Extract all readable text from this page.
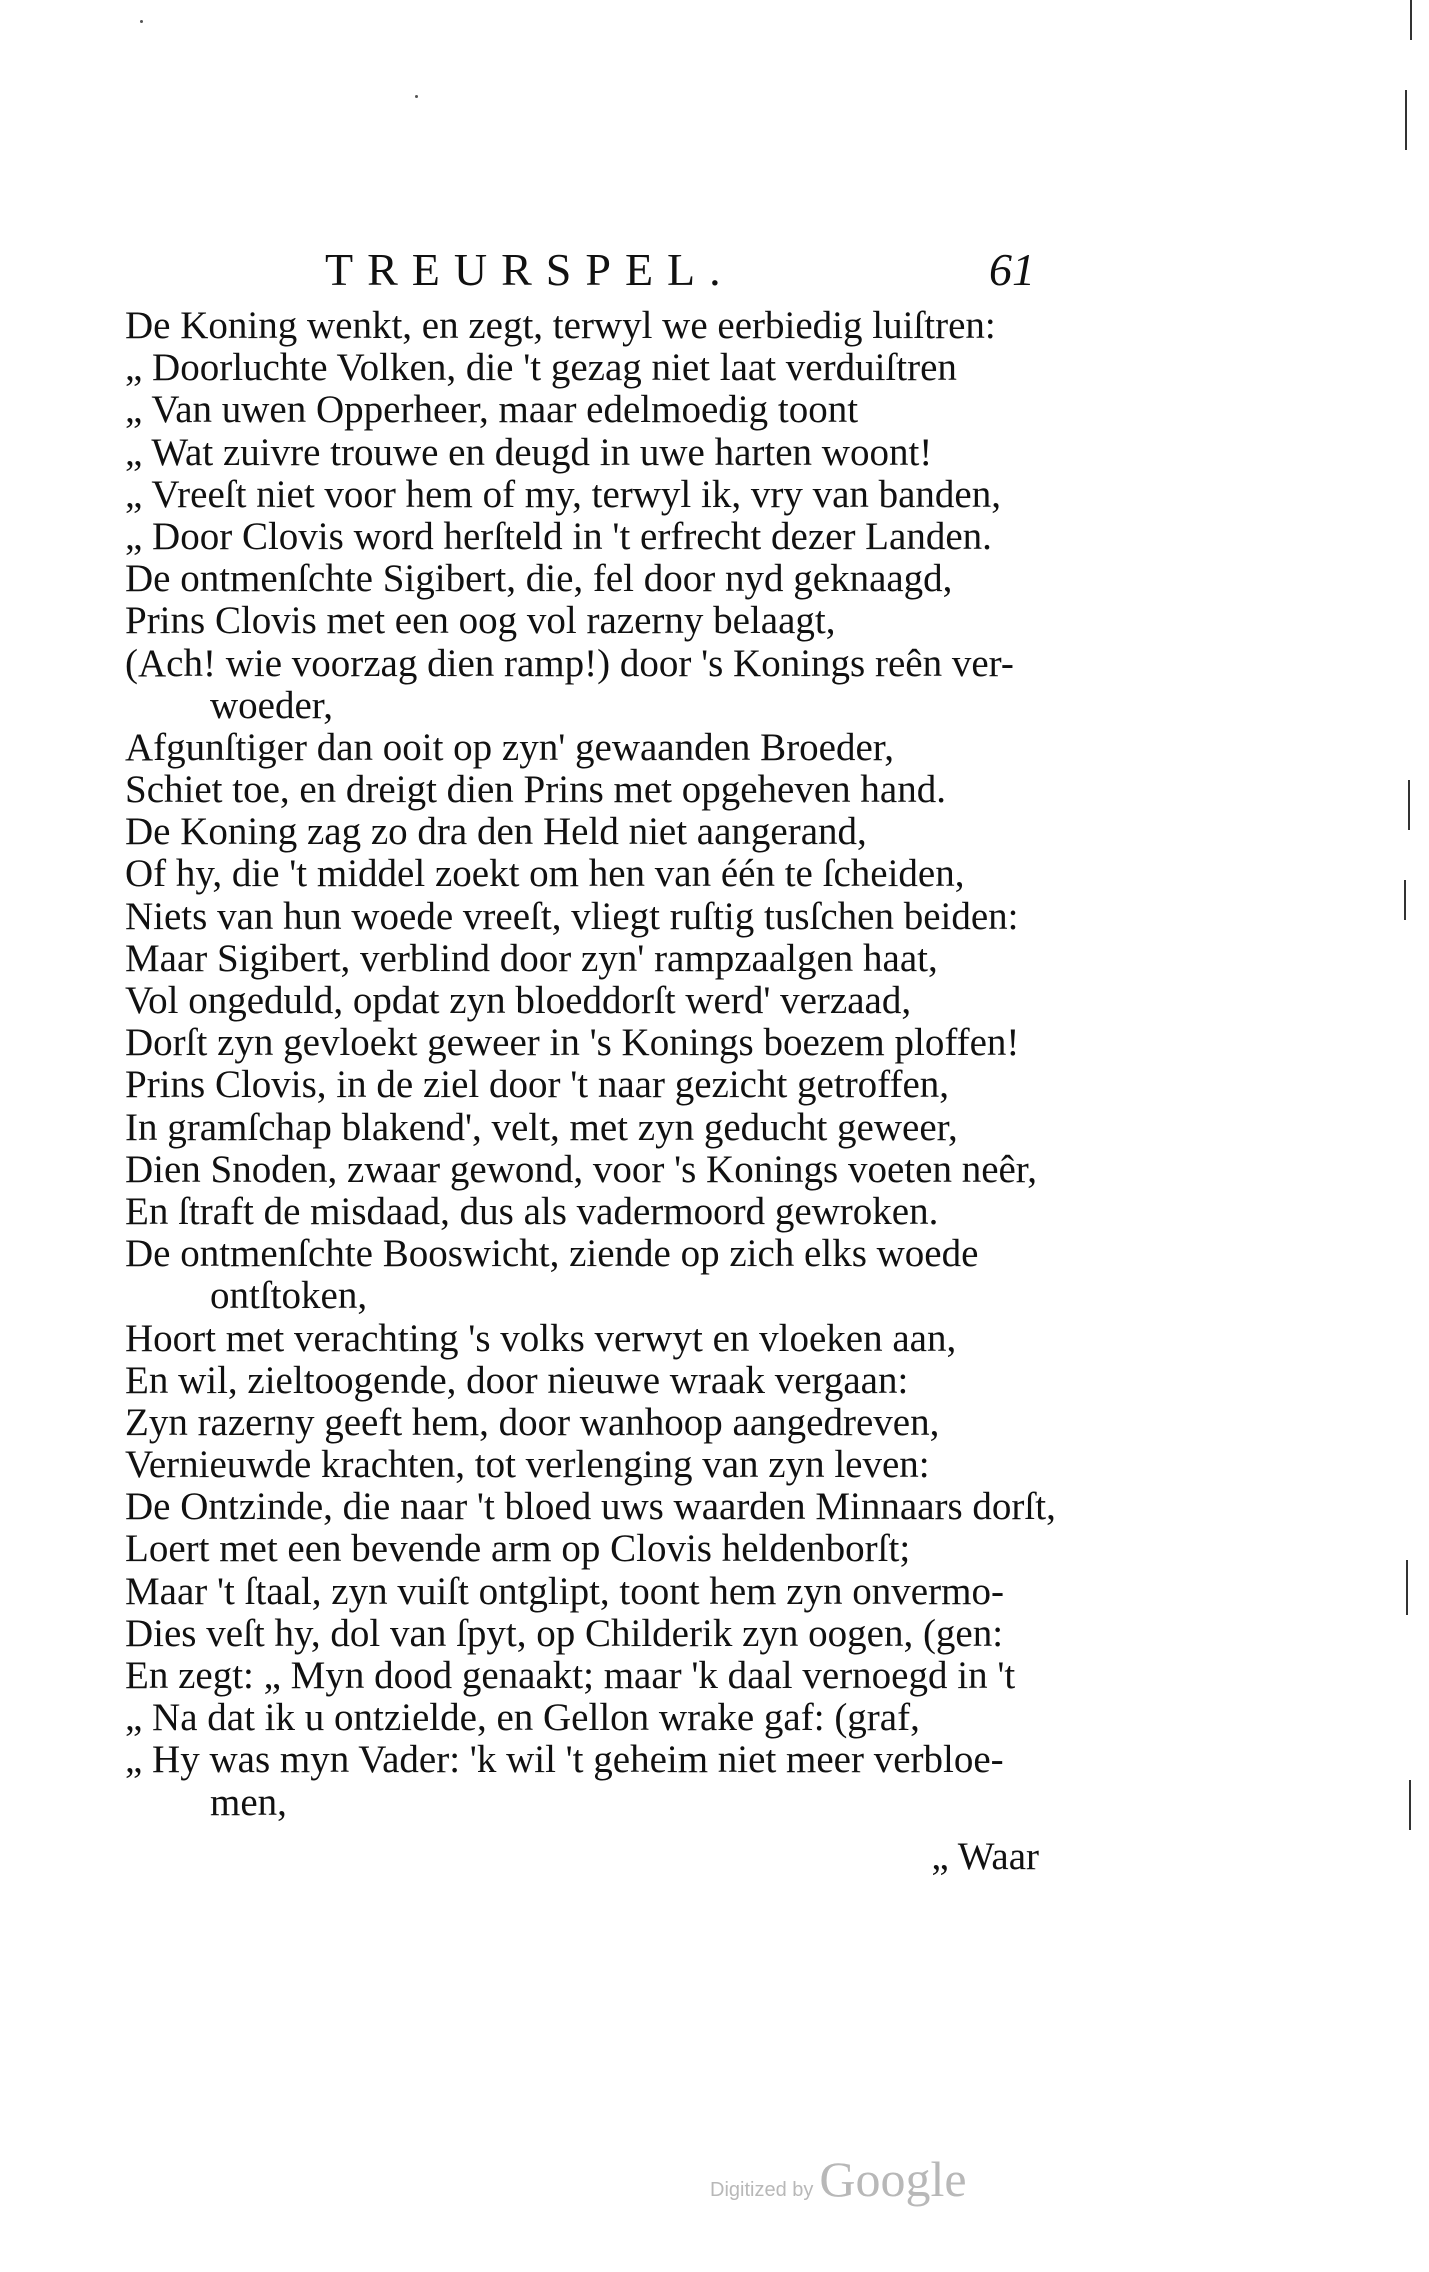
TREURSPEL.	61
De Koning wenkt, en zegt, terwyl we eerbiedig luiſtren:
„ Doorluchte Volken, die 't gezag niet laat verduiſtren
„ Van uwen Opperheer, maar edelmoedig toont
„ Wat zuivre trouwe en deugd in uwe harten woont!
„ Vreeſt niet voor hem of my, terwyl ik, vry van banden,
„ Door Clovis word herſteld in 't erfrecht dezer Landen.
De ontmenſchte Sigibert, die, fel door nyd geknaagd,
Prins Clovis met een oog vol razerny belaagt,
(Ach! wie voorzag dien ramp!) door 's Konings reên ver-
woeder,
Afgunſtiger dan ooit op zyn' gewaanden Broeder,
Schiet toe, en dreigt dien Prins met opgeheven hand.
De Koning zag zo dra den Held niet aangerand,
Of hy, die 't middel zoekt om hen van één te ſcheiden,
Niets van hun woede vreeſt, vliegt ruſtig tusſchen beiden:
Maar Sigibert, verblind door zyn' rampzaalgen haat,
Vol ongeduld, opdat zyn bloeddorſt werd' verzaad,
Dorſt zyn gevloekt geweer in 's Konings boezem ploffen!
Prins Clovis, in de ziel door 't naar gezicht getroffen,
In gramſchap blakend', velt, met zyn geducht geweer,
Dien Snoden, zwaar gewond, voor 's Konings voeten neêr,
En ſtraft de misdaad, dus als vadermoord gewroken.
De ontmenſchte Booswicht, ziende op zich elks woede
ontſtoken,
Hoort met verachting 's volks verwyt en vloeken aan,
En wil, zieltoogende, door nieuwe wraak vergaan:
Zyn razerny geeft hem, door wanhoop aangedreven,
Vernieuwde krachten, tot verlenging van zyn leven:
De Ontzinde, die naar 't bloed uws waarden Minnaars dorſt,
Loert met een bevende arm op Clovis heldenborſt;
Maar 't ſtaal, zyn vuiſt ontglipt, toont hem zyn onvermo-
Dies veſt hy, dol van ſpyt, op Childerik zyn oogen, (gen:
En zegt: „ Myn dood genaakt; maar 'k daal vernoegd in 't
„ Na dat ik u ontzielde, en Gellon wrake gaf: (graf,
„ Hy was myn Vader: 'k wil 't geheim niet meer verbloe-
men,
„ Waar
Digitized by Google
